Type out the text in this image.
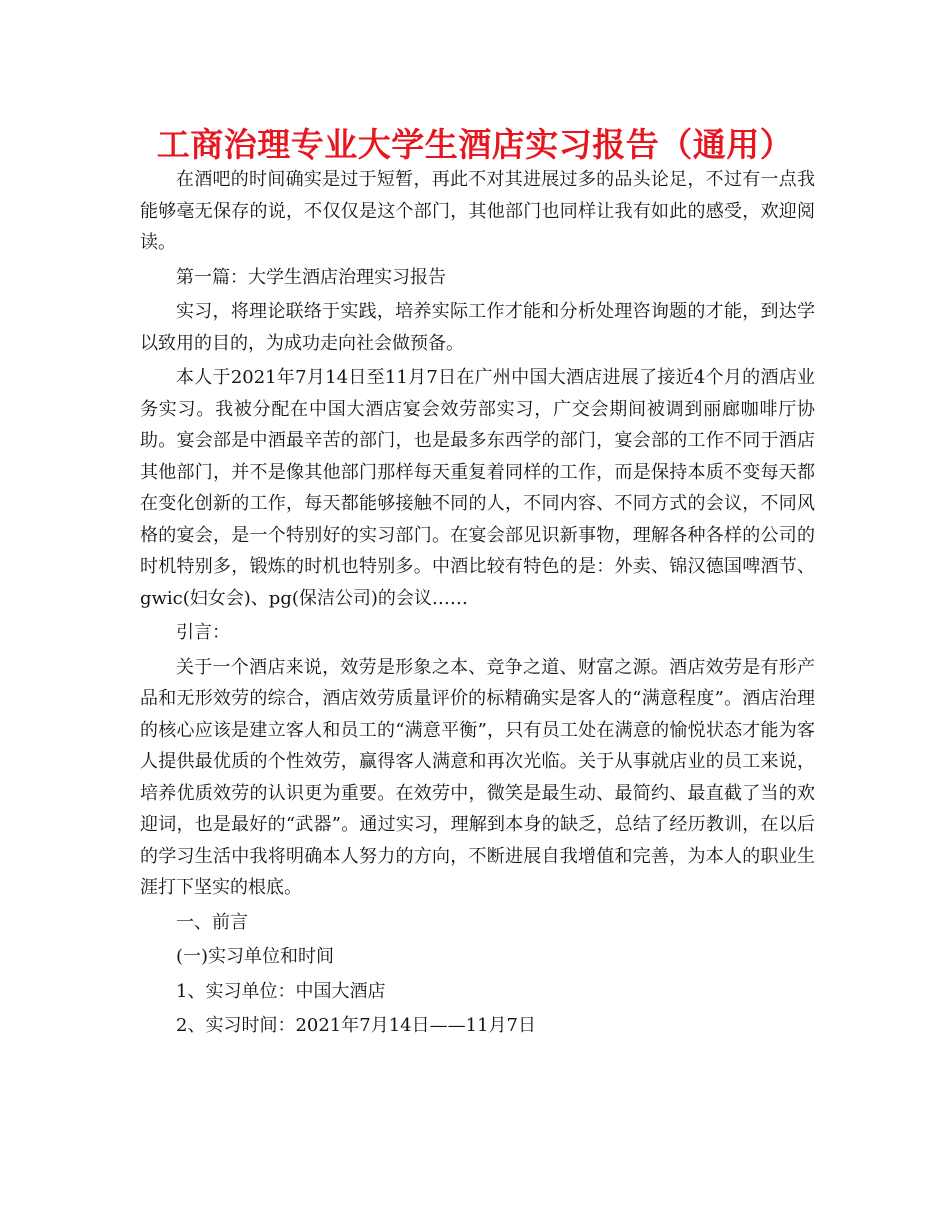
工商治理专业大学生酒店实习报告（通用）

在酒吧的时间确实是过于短暂，再此不对其进展过多的品头论足，不过有一点我能够毫无保存的说，不仅仅是这个部门，其他部门也同样让我有如此的感受，欢迎阅读。

第一篇：大学生酒店治理实习报告

实习，将理论联络于实践，培养实际工作才能和分析处理咨询题的才能，到达学以致用的目的，为成功走向社会做预备。

本人于2021年7月14日至11月7日在广州中国大酒店进展了接近4个月的酒店业务实习。我被分配在中国大酒店宴会效劳部实习，广交会期间被调到丽廊咖啡厅协助。宴会部是中酒最辛苦的部门，也是最多东西学的部门，宴会部的工作不同于酒店其他部门，并不是像其他部门那样每天重复着同样的工作，而是保持本质不变每天都在变化创新的工作，每天都能够接触不同的人，不同内容、不同方式的会议，不同风格的宴会，是一个特别好的实习部门。在宴会部见识新事物，理解各种各样的公司的时机特别多，锻炼的时机也特别多。中酒比较有特色的是：外卖、锦汉德国啤酒节、gwic(妇女会)、pg(保洁公司)的会议……

引言：

关于一个酒店来说，效劳是形象之本、竞争之道、财富之源。酒店效劳是有形产品和无形效劳的综合，酒店效劳质量评价的标精确实是客人的“满意程度”。酒店治理的核心应该是建立客人和员工的“满意平衡”，只有员工处在满意的愉悦状态才能为客人提供最优质的个性效劳，赢得客人满意和再次光临。关于从事就店业的员工来说，培养优质效劳的认识更为重要。在效劳中，微笑是最生动、最简约、最直截了当的欢迎词，也是最好的“武器”。通过实习，理解到本身的缺乏，总结了经历教训，在以后的学习生活中我将明确本人努力的方向，不断进展自我增值和完善，为本人的职业生涯打下坚实的根底。

一、前言

(一)实习单位和时间

1、实习单位：中国大酒店

2、实习时间：2021年7月14日——11月7日
